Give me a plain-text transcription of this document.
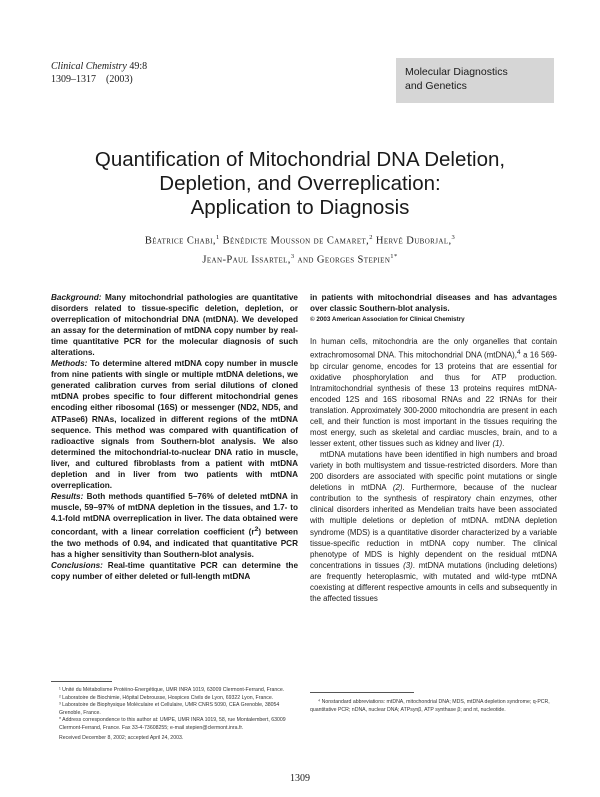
Clinical Chemistry 49:8
1309–1317 (2003)
Molecular Diagnostics
and Genetics
Quantification of Mitochondrial DNA Deletion,
Depletion, and Overreplication:
Application to Diagnosis
Béatrice Chabi,$^1$ Bénédicte Mousson de Camaret,$^2$ Hervé Duborjal,$^3$
Jean-Paul Issartel,$^3$ and Georges Stepien$^{1*}$

Background: Many mitochondrial pathologies are quantitative disorders related to tissue-specific deletion, depletion, or overreplication of mitochondrial DNA (mtDNA). We developed an assay for the determination of mtDNA copy number by real-time quantitative PCR for the molecular diagnosis of such alterations.

Methods: To determine altered mtDNA copy number in muscle from nine patients with single or multiple mtDNA deletions, we generated calibration curves from serial dilutions of cloned mtDNA probes specific to four different mitochondrial genes encoding either ribosomal (16S) or messenger (ND2, ND5, and ATPase6) RNAs, localized in different regions of the mtDNA sequence. This method was compared with quantification of radioactive signals from Southern-blot analysis. We also determined the mitochondrial-to-nuclear DNA ratio in muscle, liver, and cultured fibroblasts from a patient with mtDNA depletion and in liver from two patients with mtDNA overreplication.

Results: Both methods quantified 5–76% of deleted mtDNA in muscle, 59–97% of mtDNA depletion in the tissues, and 1.7- to 4.1-fold mtDNA overreplication in liver. The data obtained were concordant, with a linear correlation coefficient $(r^2)$ between the two methods of 0.94, and indicated that quantitative PCR has a higher sensitivity than Southern-blot analysis.

Conclusions: Real-time quantitative PCR can determine the copy number of either deleted or full-length mtDNA

¹ Unité du Métabolisme Protéino-Energétique, UMR INRA 1019, 63009 Clermont-Ferrand, France.

² Laboratoire de Biochimie, Hôpital Debrousse, Hospices Civils de Lyon, 69322 Lyon, France.

³ Laboratoire de Biophysique Moléculaire et Cellulaire, UMR CNRS 5090, CEA Grenoble, 38054 Grenoble, France.

* Address correspondence to this author at: UMPE, UMR INRA 1019, 58, rue Montalembert, 63009 Clermont-Ferrand, France. Fax 33-4-73608255; e-mail stepien@clermont.inra.fr.

Received December 8, 2002; accepted April 24, 2003.

in patients with mitochondrial diseases and has advantages over classic Southern-blot analysis.
© 2003 American Association for Clinical Chemistry

In human cells, mitochondria are the only organelles that contain extrachromosomal DNA. This mitochondrial DNA (mtDNA),$^4$ a 16 569-bp circular genome, encodes for 13 proteins that are essential for oxidative phosphorylation and thus for ATP production. Intramitochondrial synthesis of these 13 proteins requires mtDNA-encoded 12S and 16S ribosomal RNAs and 22 tRNAs for their translation. Approximately 300-2000 mitochondria are present in each cell, and their function is most important in the tissues requiring the most energy, such as skeletal and cardiac muscles, brain, and to a lesser extent, other tissues such as kidney and liver (1).

mtDNA mutations have been identified in high numbers and broad variety in both multisystem and tissue-restricted disorders. More than 200 disorders are associated with specific point mutations or single deletions in mtDNA (2). Furthermore, because of the nuclear contribution to the synthesis of respiratory chain enzymes, other clinical disorders inherited as Mendelian traits have been associated with multiple deletions or depletion of mtDNA. mtDNA depletion syndrome (MDS) is a quantitative disorder characterized by a variable tissue-specific reduction in mtDNA copy number. The clinical phenotype of MDS is highly dependent on the residual mtDNA concentrations in tissues (3). mtDNA mutations (including deletions) are frequently heteroplasmic, with mutated and wild-type mtDNA coexisting at different respective amounts in cells and subsequently in the affected tissues

⁴ Nonstandard abbreviations: mtDNA, mitochondrial DNA; MDS, mtDNA depletion syndrome; q-PCR, quantitative PCR; nDNA, nuclear DNA; ATPsynβ, ATP synthase β; and nt, nucleotide.
1309
